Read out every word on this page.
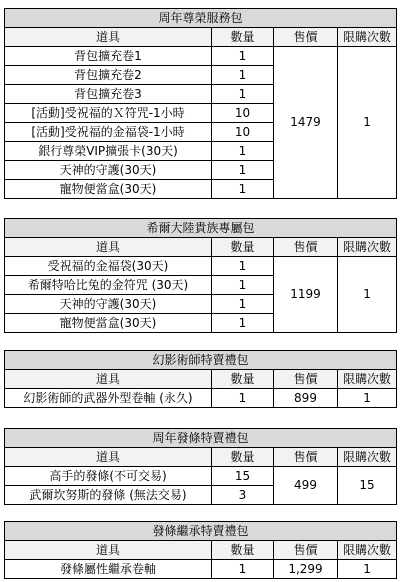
周年尊榮服務包			
道具	數量	售價	限購次數
背包擴充卷1	1	1479	1
背包擴充卷2	1		
背包擴充卷3	1		
[活動]受祝福的Ｘ符咒-1小時	10		
[活動]受祝福的金福袋-1小時	10		
銀行尊榮VIP擴張卡(30天)	1		
天神的守護(30天)	1		
寵物便當盒(30天)	1		
希爾大陸貴族專屬包			
道具	數量	售價	限購次數
受祝福的金福袋(30天)	1	1199	1
希爾特哈比兔的金符咒 (30天)	1		
天神的守護(30天)	1		
寵物便當盒(30天)	1		
幻影術師特賣禮包			
道具	數量	售價	限購次數
幻影術師的武器外型卷軸 (永久)	1	899	1
周年發條特賣禮包			
道具	數量	售價	限購次數
高手的發條(不可交易)	15	499	15
武爾坎努斯的發條 (無法交易)	3		
發條繼承特賣禮包			
道具	數量	售價	限購次數
發條屬性繼承卷軸	1	1,299	1
